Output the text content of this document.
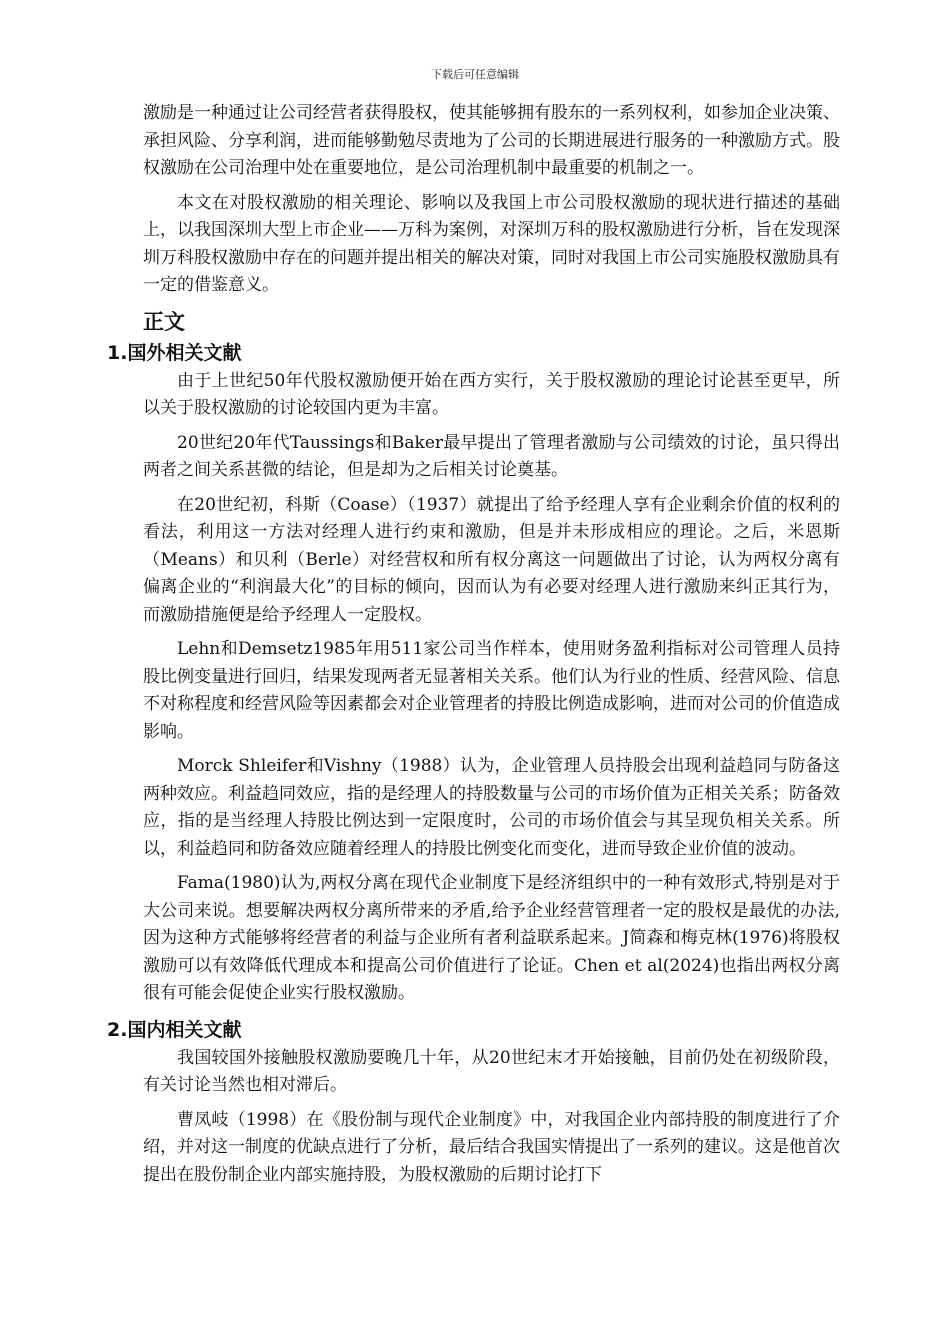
下载后可任意编辑

激励是一种通过让公司经营者获得股权，使其能够拥有股东的一系列权利，如参加企业决策、承担风险、分享利润，进而能够勤勉尽责地为了公司的长期进展进行服务的一种激励方式。股权激励在公司治理中处在重要地位，是公司治理机制中最重要的机制之一。

本文在对股权激励的相关理论、影响以及我国上市公司股权激励的现状进行描述的基础上，以我国深圳大型上市企业——万科为案例，对深圳万科的股权激励进行分析，旨在发现深圳万科股权激励中存在的问题并提出相关的解决对策，同时对我国上市公司实施股权激励具有一定的借鉴意义。

正文
1.国外相关文献

由于上世纪50年代股权激励便开始在西方实行，关于股权激励的理论讨论甚至更早，所以关于股权激励的讨论较国内更为丰富。

20世纪20年代Taussings和Baker最早提出了管理者激励与公司绩效的讨论，虽只得出两者之间关系甚微的结论，但是却为之后相关讨论奠基。

在20世纪初，科斯（Coase）（1937）就提出了给予经理人享有企业剩余价值的权利的看法，利用这一方法对经理人进行约束和激励，但是并未形成相应的理论。之后，米恩斯（Means）和贝利（Berle）对经营权和所有权分离这一问题做出了讨论，认为两权分离有偏离企业的“利润最大化”的目标的倾向，因而认为有必要对经理人进行激励来纠正其行为，而激励措施便是给予经理人一定股权。

Lehn和Demsetz1985年用511家公司当作样本，使用财务盈利指标对公司管理人员持股比例变量进行回归，结果发现两者无显著相关关系。他们认为行业的性质、经营风险、信息不对称程度和经营风险等因素都会对企业管理者的持股比例造成影响，进而对公司的价值造成影响。

Morck Shleifer和Vishny（1988）认为，企业管理人员持股会出现利益趋同与防备这两种效应。利益趋同效应，指的是经理人的持股数量与公司的市场价值为正相关关系；防备效应，指的是当经理人持股比例达到一定限度时，公司的市场价值会与其呈现负相关关系。所以，利益趋同和防备效应随着经理人的持股比例变化而变化，进而导致企业价值的波动。

Fama(1980)认为,两权分离在现代企业制度下是经济组织中的一种有效形式,特别是对于大公司来说。想要解决两权分离所带来的矛盾,给予企业经营管理者一定的股权是最优的办法,因为这种方式能够将经营者的利益与企业所有者利益联系起来。J简森和梅克林(1976)将股权激励可以有效降低代理成本和提高公司价值进行了论证。Chen et al(2024)也指出两权分离很有可能会促使企业实行股权激励。

2.国内相关文献

我国较国外接触股权激励要晚几十年，从20世纪末才开始接触，目前仍处在初级阶段，有关讨论当然也相对滞后。

曹凤岐（1998）在《股份制与现代企业制度》中，对我国企业内部持股的制度进行了介绍，并对这一制度的优缺点进行了分析，最后结合我国实情提出了一系列的建议。这是他首次提出在股份制企业内部实施持股，为股权激励的后期讨论打下
